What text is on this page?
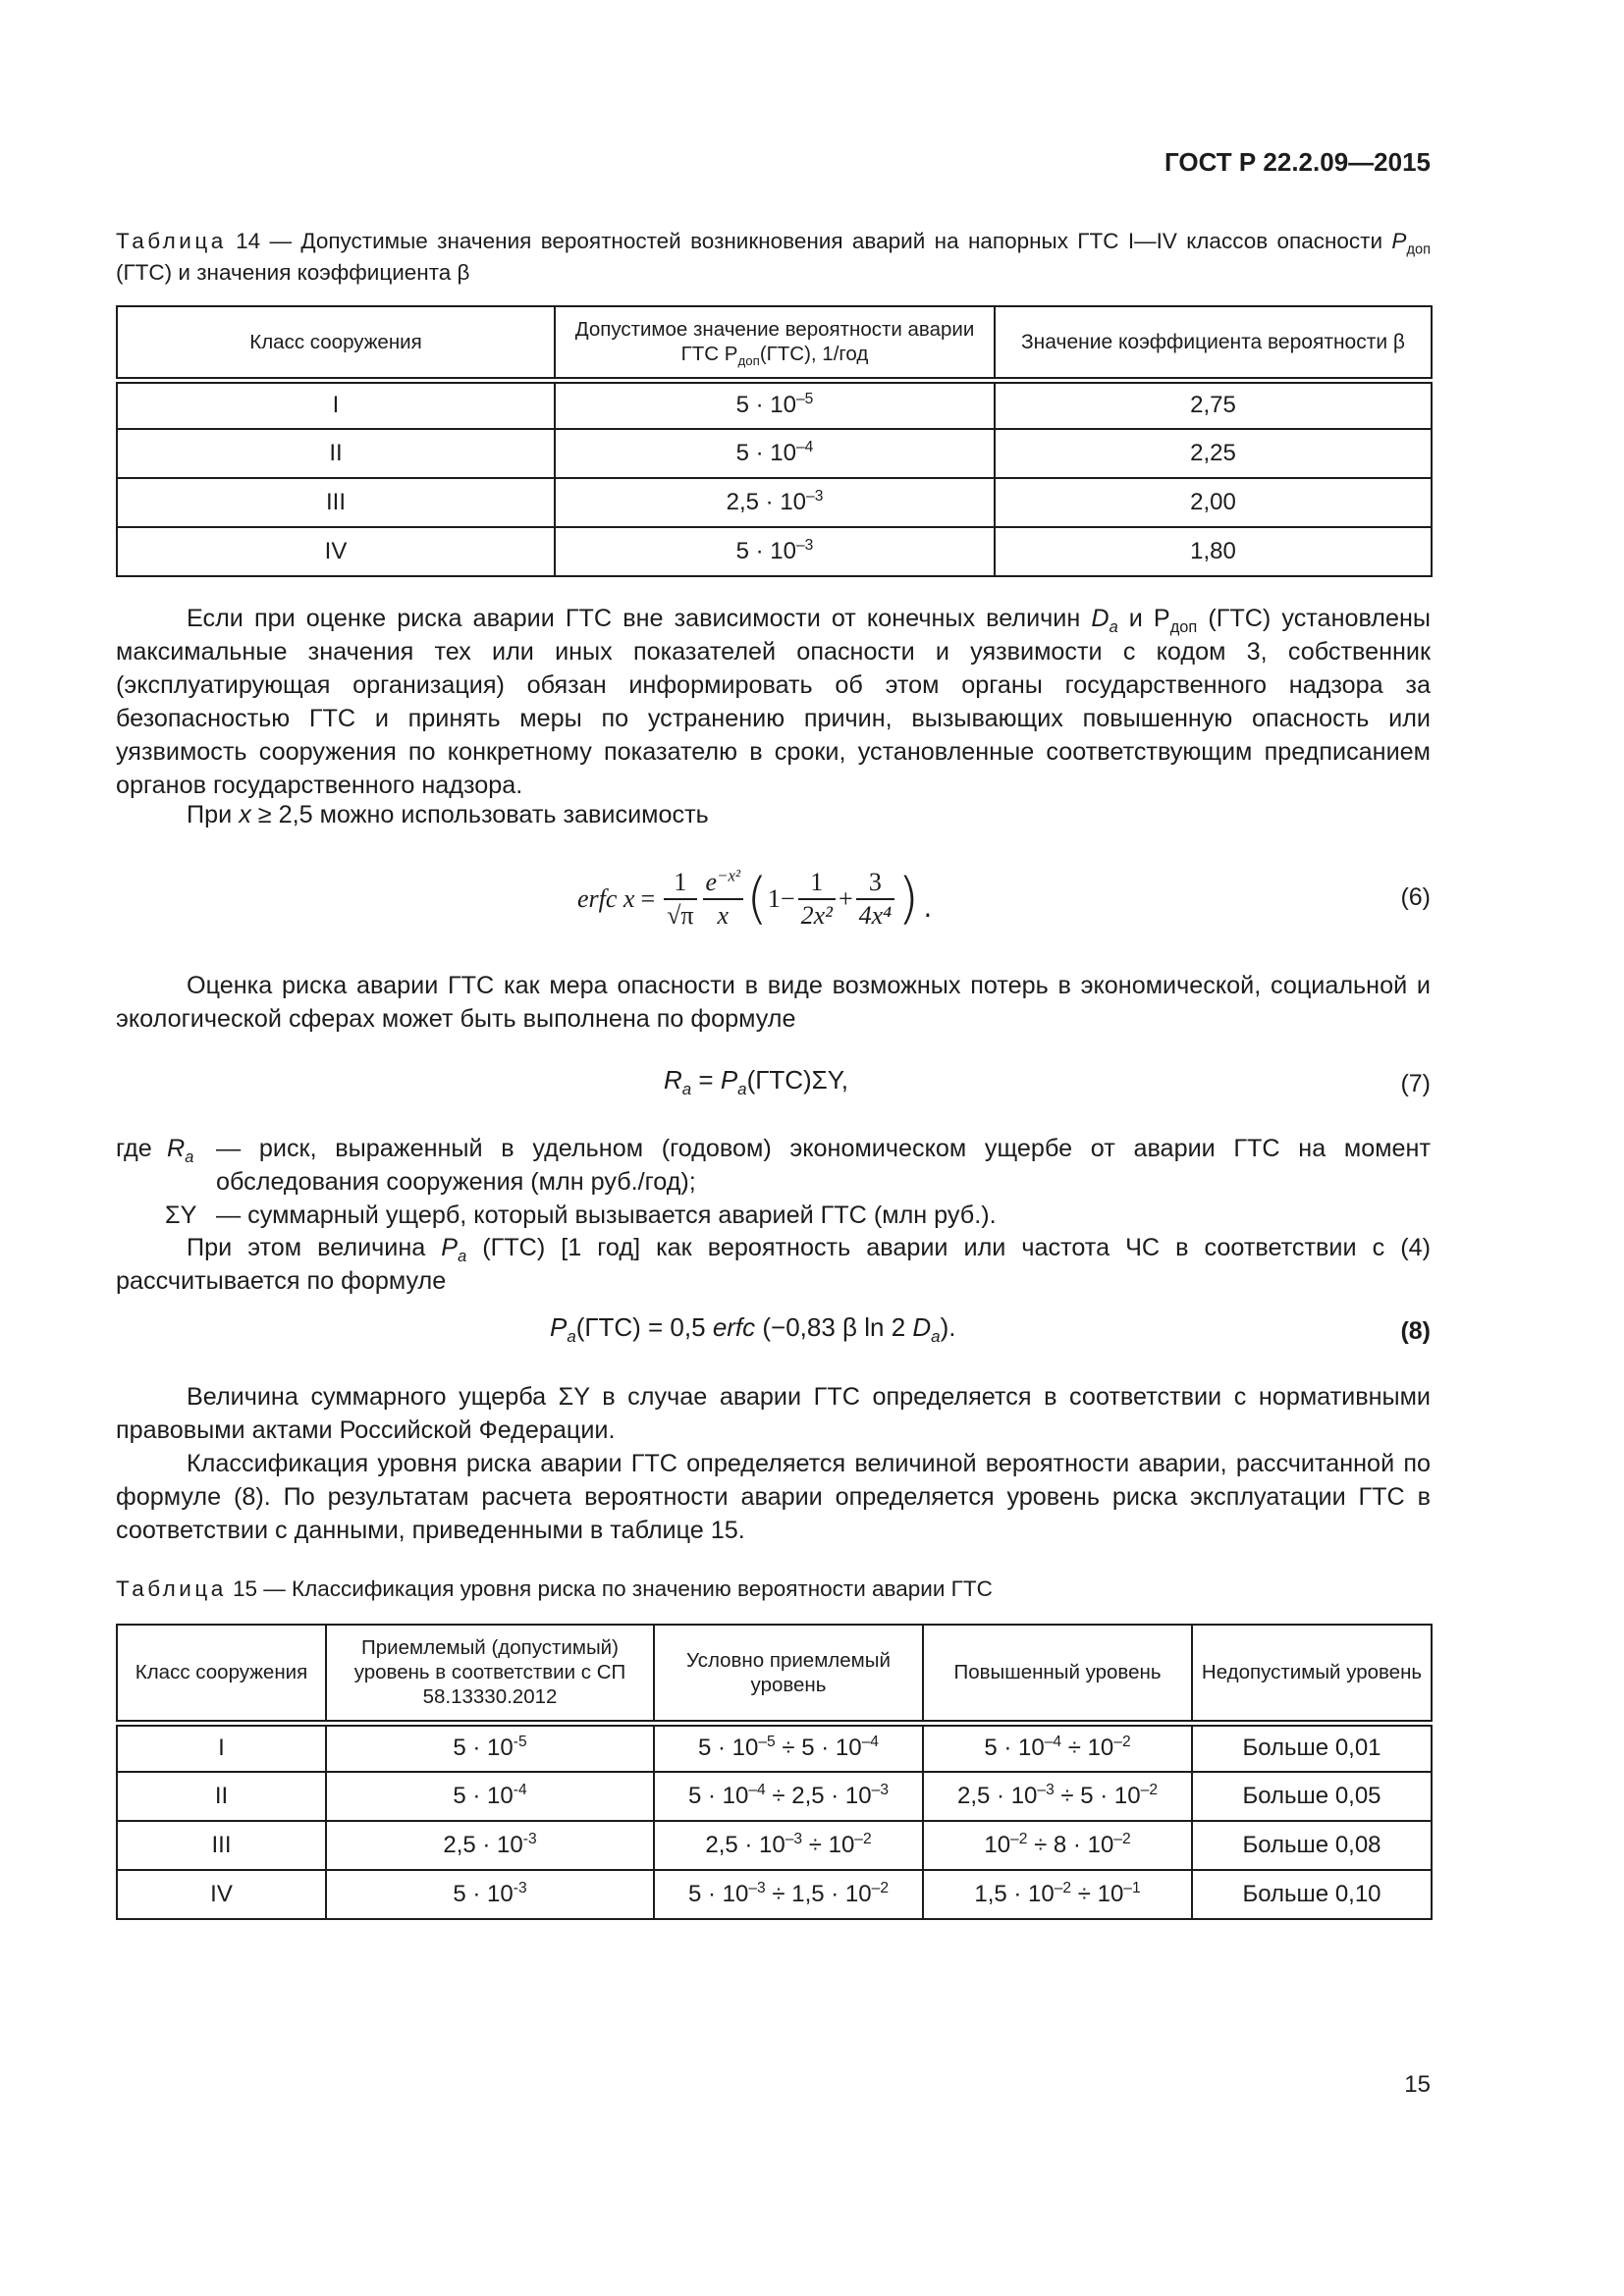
ГОСТ Р 22.2.09—2015
Таблица 14 — Допустимые значения вероятностей возникновения аварий на напорных ГТС I—IV классов опасности $P_{доп}$ (ГТС) и значения коэффициента β
Класс сооружения	Допустимое значение вероятности аварии ГТС $P_{доп}(ГТС)$, 1/год	Значение коэффициента вероятности β
I	$5 \cdot 10^{-5}$	2,75
II	$5 \cdot 10^{-4}$	2,25
III	$2,5 \cdot 10^{-3}$	2,00
IV	$5 \cdot 10^{-3}$	1,80
Если при оценке риска аварии ГТС вне зависимости от конечных величин $D_a$ и $P_{доп}$ (ГТС) установлены максимальные значения тех или иных показателей опасности и уязвимости с кодом 3, собственник (эксплуатирующая организация) обязан информировать об этом органы государственного надзора за безопасностью ГТС и принять меры по устранению причин, вызывающих повышенную опасность или уязвимость сооружения по конкретному показателю в сроки, установленные соответствующим предписанием органов государственного надзора.
При x ≥ 2,5 можно использовать зависимость
erfc $x = \frac{1}{√\pi} \frac{e^{-x^2}}{x}$ ( $1- \frac{1}{\text{2x²}} + \frac{3}{\text{4x⁴}}$ ).	(6)
Оценка риска аварии ГТС как мера опасности в виде возможных потерь в экономической, социальной и экологической сферах может быть выполнена по формуле
$R_a = P_a(ГТС)\Sigma Y$,	(7)
где $R_a$ — риск, выраженный в удельном (годовом) экономическом ущербе от аварии ГТС на момент обследования сооружения (млн руб./год);
ΣY — суммарный ущерб, который вызывается аварией ГТС (млн руб.).
При этом величина $P_a$ (ГТС) [1 год] как вероятность аварии или частота ЧС в соответствии с (4) рассчитывается по формуле
$P_a(ГТС) = 0,5$ erfc (−0,83 β ln 2 $D_a$).	(8)
Величина суммарного ущерба ΣY в случае аварии ГТС определяется в соответствии с нормативными правовыми актами Российской Федерации.
Классификация уровня риска аварии ГТС определяется величиной вероятности аварии, рассчитанной по формуле (8). По результатам расчета вероятности аварии определяется уровень риска эксплуатации ГТС в соответствии с данными, приведенными в таблице 15.
Таблица 15 — Классификация уровня риска по значению вероятности аварии ГТС
Класс сооружения	Приемлемый (допустимый) уровень в соответствии с СП 58.13330.2012	Условно приемлемый уровень	Повышенный уровень	Недопустимый уровень
I	$5 \cdot 10^{-5}$	$5 \cdot 10^{-5} \div 5 \cdot 10^{-4}$	$5 \cdot 10^{-4} \div 10^{-2}$	Больше 0,01
II	$5 \cdot 10^{-4}$	$5 \cdot 10^{-4} \div 2,5 \cdot 10^{-3}$	$2,5 \cdot 10^{-3} \div 5 \cdot 10^{-2}$	Больше 0,05
III	$2,5 \cdot 10^{-3}$	$2,5 \cdot 10^{-3} \div 10^{-2}$	$10^{-2} \div 8 \cdot 10^{-2}$	Больше 0,08
IV	$5 \cdot 10^{-3}$	$5 \cdot 10^{-3} \div 1,5 \cdot 10^{-2}$	$1,5 \cdot 10^{-2} \div 10^{-1}$	Больше 0,10
15
